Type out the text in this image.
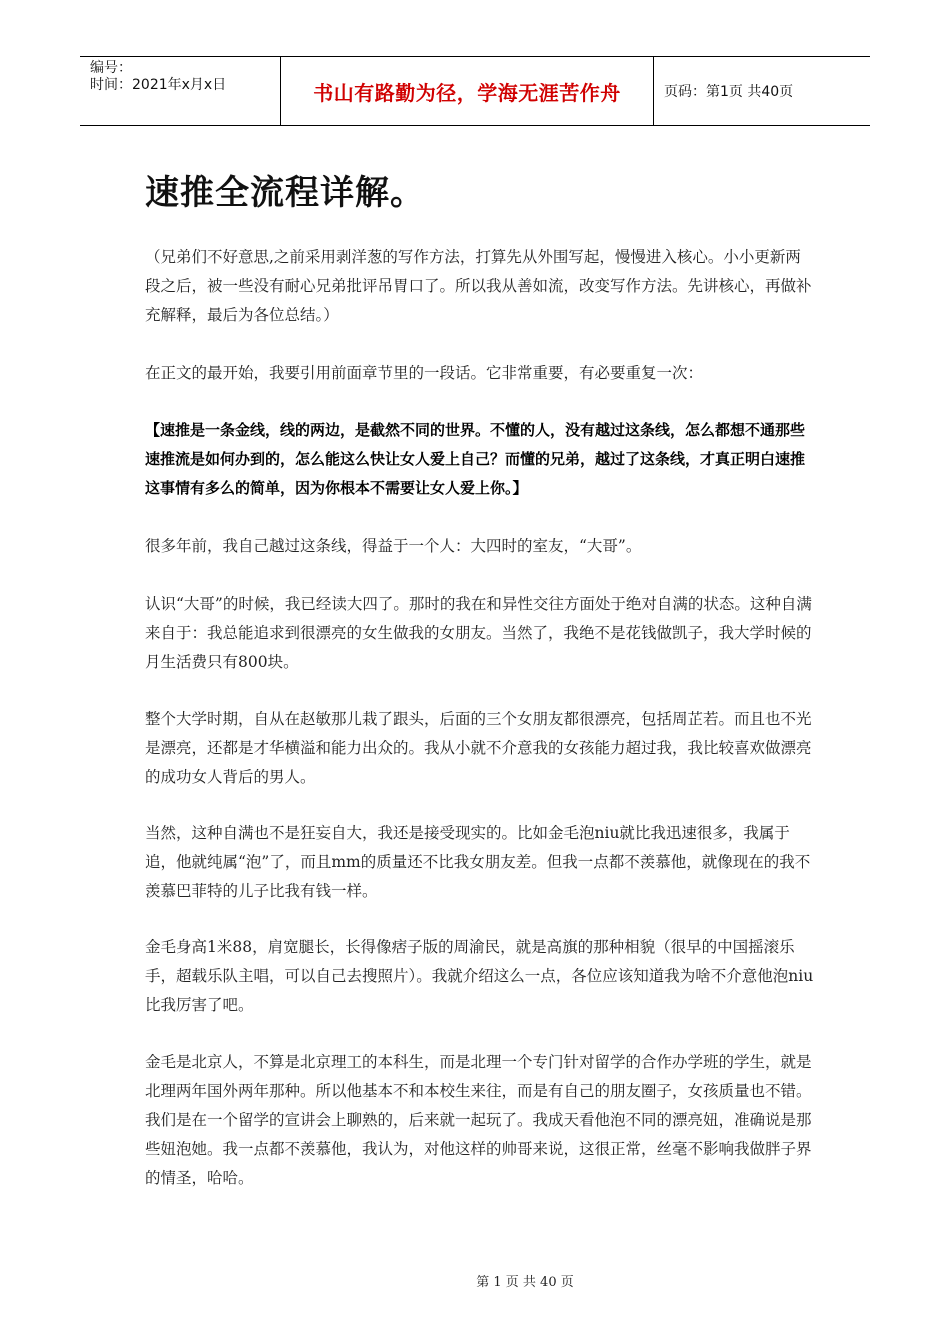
编号：
时间：2021年x月x日	书山有路勤为径，学海无涯苦作舟	页码：第1页 共40页
速推全流程详解。

（兄弟们不好意思,之前采用剥洋葱的写作方法，打算先从外围写起，慢慢进入核心。小小更新两段之后，被一些没有耐心兄弟批评吊胃口了。所以我从善如流，改变写作方法。先讲核心，再做补充解释，最后为各位总结。）

在正文的最开始，我要引用前面章节里的一段话。它非常重要，有必要重复一次：

【速推是一条金线，线的两边，是截然不同的世界。不懂的人，没有越过这条线，怎么都想不通那些速推流是如何办到的，怎么能这么快让女人爱上自己？而懂的兄弟，越过了这条线，才真正明白速推这事情有多么的简单，因为你根本不需要让女人爱上你。】

很多年前，我自己越过这条线，得益于一个人：大四时的室友，“大哥”。

认识“大哥”的时候，我已经读大四了。那时的我在和异性交往方面处于绝对自满的状态。这种自满来自于：我总能追求到很漂亮的女生做我的女朋友。当然了，我绝不是花钱做凯子，我大学时候的月生活费只有800块。

整个大学时期，自从在赵敏那儿栽了跟头，后面的三个女朋友都很漂亮，包括周芷若。而且也不光是漂亮，还都是才华横溢和能力出众的。我从小就不介意我的女孩能力超过我，我比较喜欢做漂亮的成功女人背后的男人。

当然，这种自满也不是狂妄自大，我还是接受现实的。比如金毛泡niu就比我迅速很多，我属于追，他就纯属“泡”了，而且mm的质量还不比我女朋友差。但我一点都不羡慕他，就像现在的我不羡慕巴菲特的儿子比我有钱一样。

金毛身高1米88，肩宽腿长，长得像痞子版的周渝民，就是高旗的那种相貌（很早的中国摇滚乐手，超载乐队主唱，可以自己去搜照片）。我就介绍这么一点，各位应该知道我为啥不介意他泡niu比我厉害了吧。

金毛是北京人，不算是北京理工的本科生，而是北理一个专门针对留学的合作办学班的学生，就是北理两年国外两年那种。所以他基本不和本校生来往，而是有自己的朋友圈子，女孩质量也不错。我们是在一个留学的宣讲会上聊熟的，后来就一起玩了。我成天看他泡不同的漂亮妞，准确说是那些妞泡她。我一点都不羡慕他，我认为，对他这样的帅哥来说，这很正常，丝毫不影响我做胖子界的情圣，哈哈。

第 1 页 共 40 页
